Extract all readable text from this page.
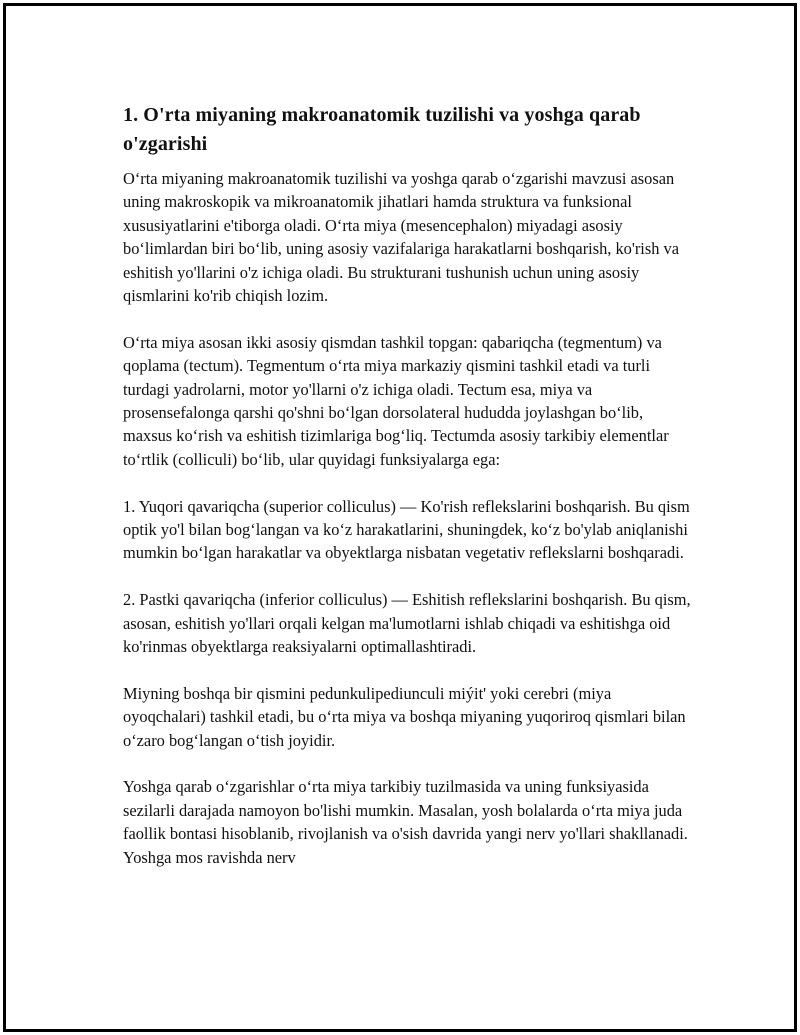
1. O'rta miyaning makroanatomik tuzilishi va yoshga qarab o'zgarishi

O‘rta miyaning makroanatomik tuzilishi va yoshga qarab o‘zgarishi mavzusi asosan uning makroskopik va mikroanatomik jihatlari hamda struktura va funksional xususiyatlarini e'tiborga oladi. O‘rta miya (mesencephalon) miyadagi asosiy bo‘limlardan biri bo‘lib, uning asosiy vazifalariga harakatlarni boshqarish, ko'rish va eshitish yo'llarini o'z ichiga oladi. Bu strukturani tushunish uchun uning asosiy qismlarini ko'rib chiqish lozim.

O‘rta miya asosan ikki asosiy qismdan tashkil topgan: qabariqcha (tegmentum) va qoplama (tectum). Tegmentum o‘rta miya markaziy qismini tashkil etadi va turli turdagi yadrolarni, motor yo'llarni o'z ichiga oladi. Tectum esa, miya va prosensefalonga qarshi qo'shni bo‘lgan dorsolateral hududda joylashgan bo‘lib, maxsus ko‘rish va eshitish tizimlariga bog‘liq. Tectumda asosiy tarkibiy elementlar to‘rtlik (colliculi) bo‘lib, ular quyidagi funksiyalarga ega:

1. Yuqori qavariqcha (superior colliculus) — Ko'rish reflekslarini boshqarish. Bu qism optik yo'l bilan bog‘langan va ko‘z harakatlarini, shuningdek, ko‘z bo'ylab aniqlanishi mumkin bo‘lgan harakatlar va obyektlarga nisbatan vegetativ reflekslarni boshqaradi.

2. Pastki qavariqcha (inferior colliculus) — Eshitish reflekslarini boshqarish. Bu qism, asosan, eshitish yo'llari orqali kelgan ma'lumotlarni ishlab chiqadi va eshitishga oid ko'rinmas obyektlarga reaksiyalarni optimallashtiradi.

Miyning boshqa bir qismini pedunkulipediunculi miýit' yoki cerebri (miya oyoqchalari) tashkil etadi, bu o‘rta miya va boshqa miyaning yuqoriroq qismlari bilan o‘zaro bog‘langan o‘tish joyidir.

Yoshga qarab o‘zgarishlar o‘rta miya tarkibiy tuzilmasida va uning funksiyasida sezilarli darajada namoyon bo'lishi mumkin. Masalan, yosh bolalarda o‘rta miya juda faollik bontasi hisoblanib, rivojlanish va o'sish davrida yangi nerv yo'llari shakllanadi. Yoshga mos ravishda nerv
